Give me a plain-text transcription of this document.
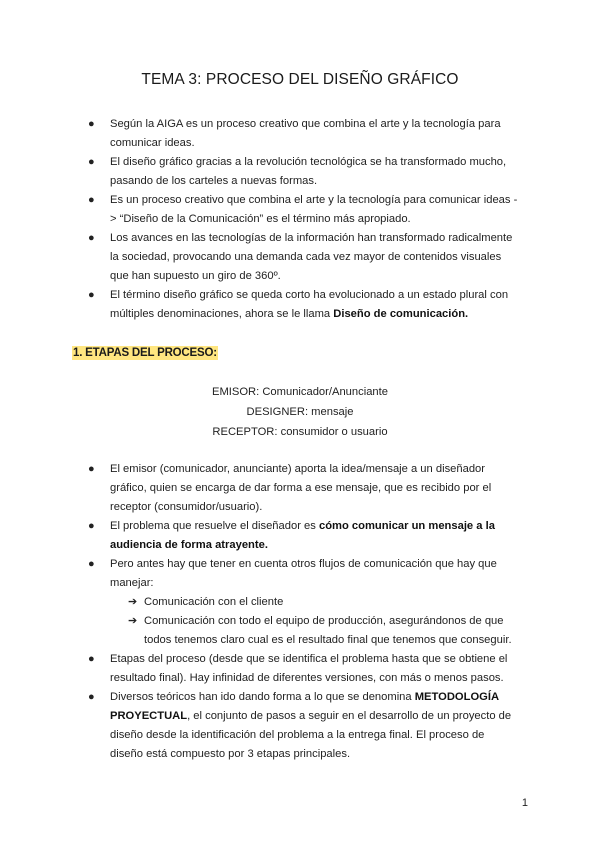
TEMA 3: PROCESO DEL DISEÑO GRÁFICO
● Según la AIGA es un proceso creativo que combina el arte y la tecnología para comunicar ideas.
● El diseño gráfico gracias a la revolución tecnológica se ha transformado mucho, pasando de los carteles a nuevas formas.
● Es un proceso creativo que combina el arte y la tecnología para comunicar ideas -> “Diseño de la Comunicación” es el término más apropiado.
● Los avances en las tecnologías de la información han transformado radicalmente la sociedad, provocando una demanda cada vez mayor de contenidos visuales que han supuesto un giro de 360º.
● El término diseño gráfico se queda corto ha evolucionado a un estado plural con múltiples denominaciones, ahora se le llama Diseño de comunicación.
1. ETAPAS DEL PROCESO:
EMISOR: Comunicador/Anunciante
DESIGNER: mensaje
RECEPTOR: consumidor o usuario
● El emisor (comunicador, anunciante) aporta la idea/mensaje a un diseñador gráfico, quien se encarga de dar forma a ese mensaje, que es recibido por el receptor (consumidor/usuario).
● El problema que resuelve el diseñador es cómo comunicar un mensaje a la audiencia de forma atrayente.
● Pero antes hay que tener en cuenta otros flujos de comunicación que hay que manejar:
➔ Comunicación con el cliente
➔ Comunicación con todo el equipo de producción, asegurándonos de que todos tenemos claro cual es el resultado final que tenemos que conseguir.
● Etapas del proceso (desde que se identifica el problema hasta que se obtiene el resultado final). Hay infinidad de diferentes versiones, con más o menos pasos.
● Diversos teóricos han ido dando forma a lo que se denomina METODOLOGÍA PROYECTUAL, el conjunto de pasos a seguir en el desarrollo de un proyecto de diseño desde la identificación del problema a la entrega final. El proceso de diseño está compuesto por 3 etapas principales.
1
